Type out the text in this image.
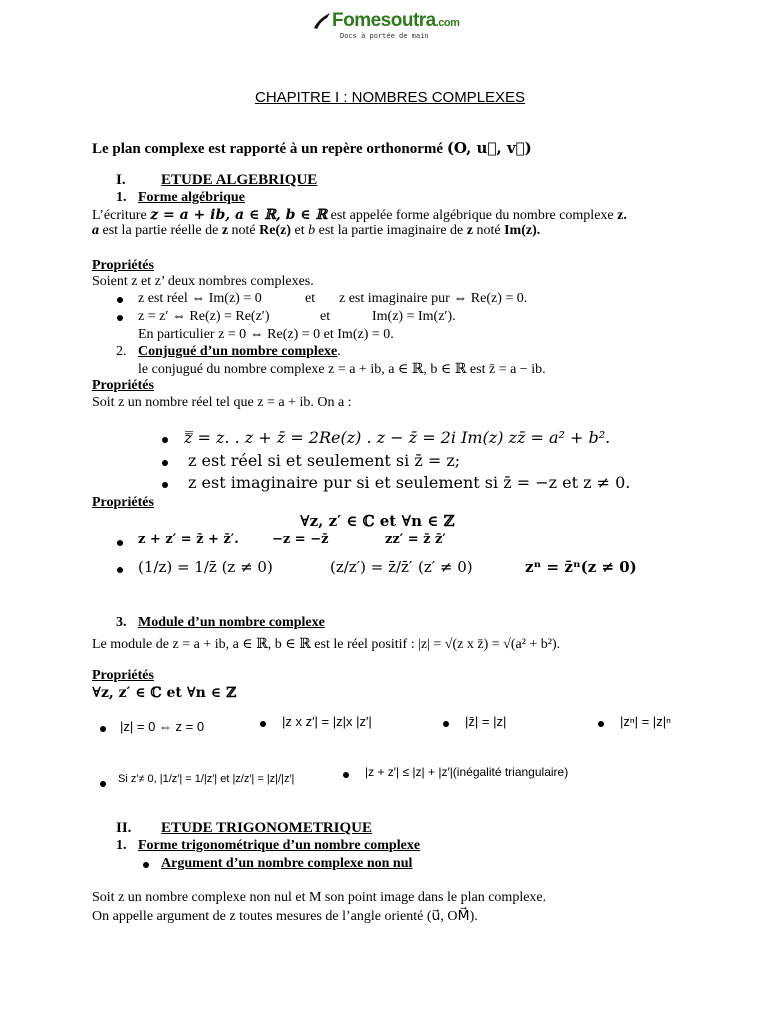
Fomesoutra.com
Docs à portée de main
CHAPITRE I : NOMBRES COMPLEXES
Le plan complexe est rapporté à un repère orthonormé (O, u⃗, v⃗)
I. ETUDE ALGEBRIQUE
1. Forme algébrique
L’écriture z = a + ib, a ∈ ℝ, b ∈ ℝ est appelée forme algébrique du nombre complexe z.
a est la partie réelle de z noté Re(z) et b est la partie imaginaire de z noté Im(z).
Propriétés
Soient z et z’ deux nombres complexes.
z est réel ⇔ Im(z) = 0	et z est imaginaire pur ⇔ Re(z) = 0.
z = z′ ⇔ Re(z) = Re(z′)	et	Im(z) = Im(z′).
En particulier z = 0 ⇔ Re(z) = 0 et Im(z) = 0.
2. Conjugué d’un nombre complexe.
le conjugué du nombre complexe z = a + ib, a ∈ ℝ, b ∈ ℝ est z̄ = a − ib.
Propriétés
Soit z un nombre réel tel que z = a + ib. On a :
z̿ = z. . z + z̄ = 2Re(z) . z − z̄ = 2i Im(z) zz̄ = a² + b².
z est réel si et seulement si z̄ = z;
z est imaginaire pur si et seulement si z̄ = −z et z ≠ 0.
Propriétés
∀z, z′ ∈ ℂ et ∀n ∈ ℤ
z + z′ = z̄ + z̄′.	−z = −z̄	zz′ = z̄ z̄′
(1/z) = 1/z̄ (z ≠ 0)	(z/z′) = z̄/z̄′ (z′ ≠ 0)	zⁿ = z̄ⁿ(z ≠ 0)
3. Module d’un nombre complexe
Le module de z = a + ib, a ∈ ℝ, b ∈ ℝ est le réel positif : |z| = √(z x z̄) = √(a² + b²).
Propriétés
∀z, z′ ∈ ℂ et ∀n ∈ ℤ
|z| = 0 ⇔ z = 0	|z x z′| = |z|x |z′|	|z̄| = |z|	|zⁿ| = |z|ⁿ
Si z′≠ 0, |1/z′| = 1/|z′| et |z/z′| = |z|/|z′|	|z + z′| ≤ |z| + |z′|(inégalité triangulaire)
II. ETUDE TRIGONOMETRIQUE
1. Forme trigonométrique d’un nombre complexe
Argument d’un nombre complexe non nul
Soit z un nombre complexe non nul et M son point image dans le plan complexe.
On appelle argument de z toutes mesures de l’angle orienté (u⃗, OM⃗).
